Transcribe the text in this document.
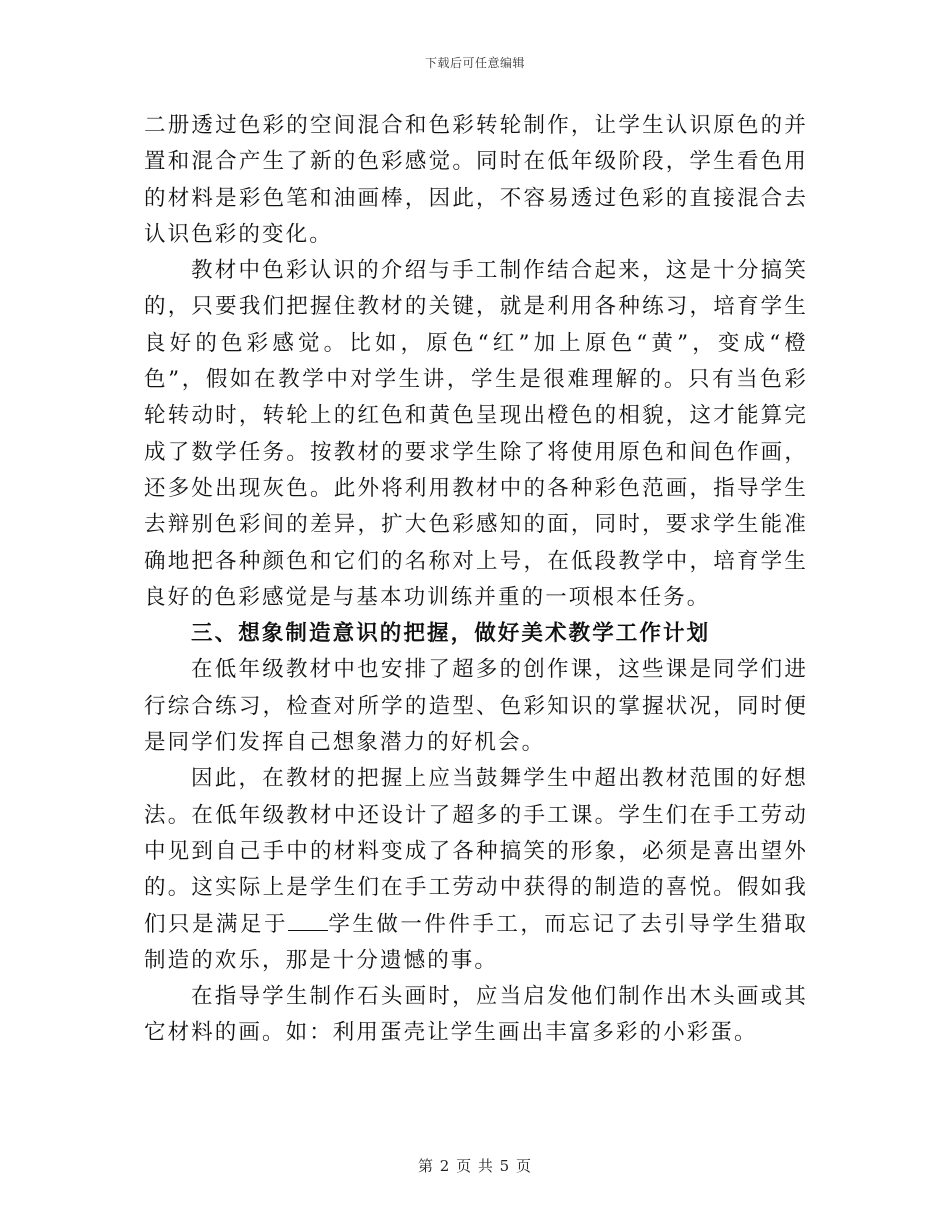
下载后可任意编辑

二册透过色彩的空间混合和色彩转轮制作，让学生认识原色的并置和混合产生了新的色彩感觉。同时在低年级阶段，学生看色用的材料是彩色笔和油画棒，因此，不容易透过色彩的直接混合去认识色彩的变化。

教材中色彩认识的介绍与手工制作结合起来，这是十分搞笑的，只要我们把握住教材的关键，就是利用各种练习，培育学生良好的色彩感觉。比如，原色“红”加上原色“黄”，变成“橙色”，假如在教学中对学生讲，学生是很难理解的。只有当色彩轮转动时，转轮上的红色和黄色呈现出橙色的相貌，这才能算完成了数学任务。按教材的要求学生除了将使用原色和间色作画，还多处出现灰色。此外将利用教材中的各种彩色范画，指导学生去辩别色彩间的差异，扩大色彩感知的面，同时，要求学生能准确地把各种颜色和它们的名称对上号，在低段教学中，培育学生良好的色彩感觉是与基本功训练并重的一项根本任务。

三、想象制造意识的把握，做好美术教学工作计划

在低年级教材中也安排了超多的创作课，这些课是同学们进行综合练习，检查对所学的造型、色彩知识的掌握状况，同时便是同学们发挥自己想象潜力的好机会。

因此，在教材的把握上应当鼓舞学生中超出教材范围的好想法。在低年级教材中还设计了超多的手工课。学生们在手工劳动中见到自己手中的材料变成了各种搞笑的形象，必须是喜出望外的。这实际上是学生们在手工劳动中获得的制造的喜悦。假如我们只是满足于 学生做一件件手工，而忘记了去引导学生猎取制造的欢乐，那是十分遗憾的事。

在指导学生制作石头画时，应当启发他们制作出木头画或其它材料的画。如：利用蛋壳让学生画出丰富多彩的小彩蛋。

第 2 页 共 5 页
